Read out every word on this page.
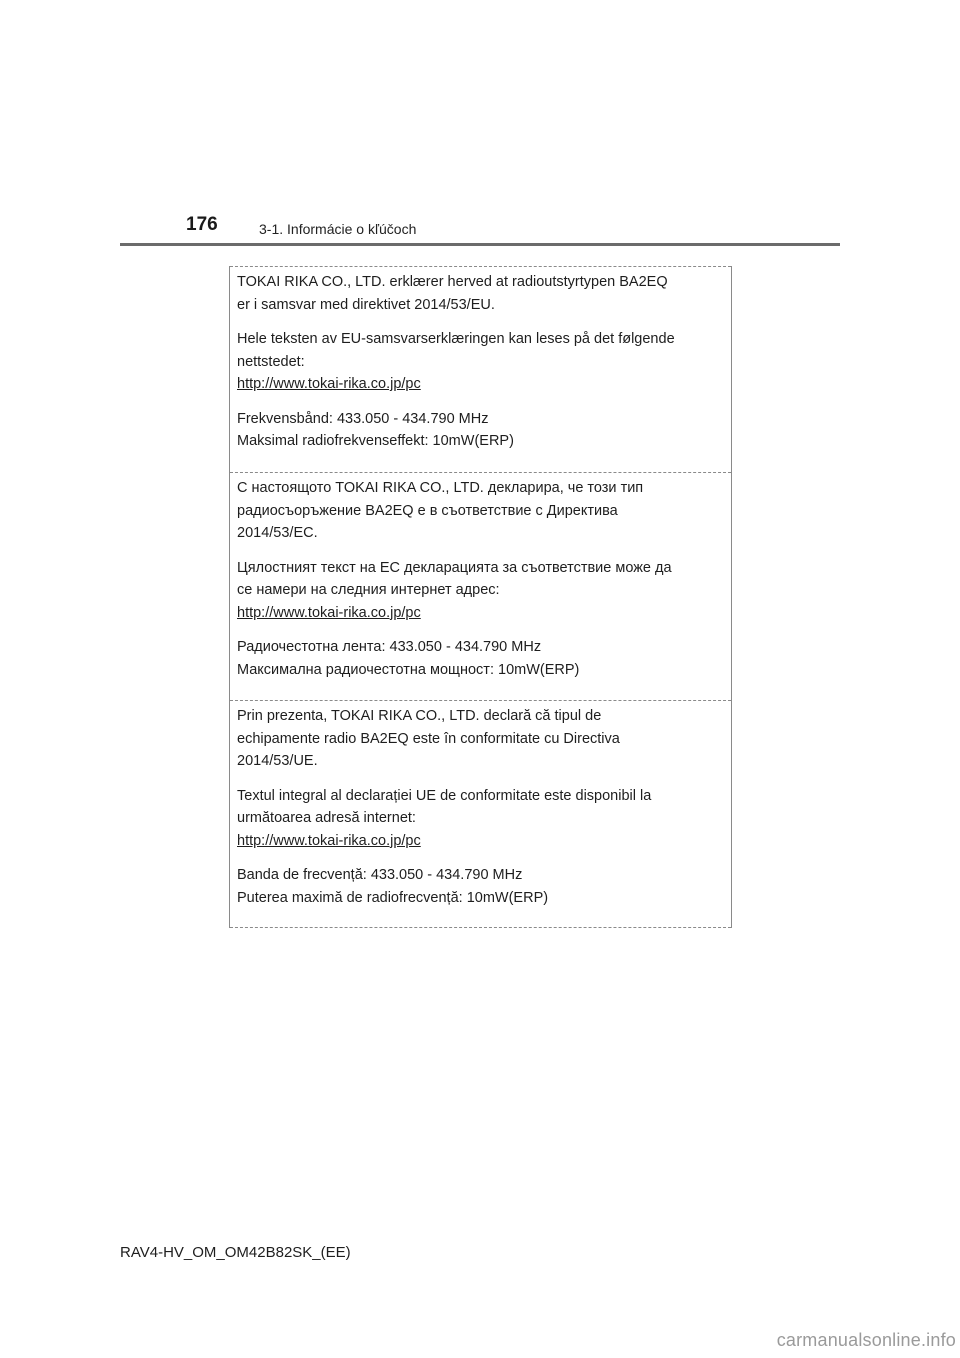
176	3-1. Informácie o kľúčoch

TOKAI RIKA CO., LTD. erklærer herved at radioutstyrtypen BA2EQ

er i samsvar med direktivet 2014/53/EU.

Hele teksten av EU-samsvarserklæringen kan leses på det følgende

nettstedet:

http://www.tokai-rika.co.jp/pc

Frekvensbånd: 433.050 - 434.790 MHz

Maksimal radiofrekvenseffekt: 10mW(ERP)

С настоящото TOKAI RIKA CO., LTD. декларира, че този тип

радиосъоръжение BA2EQ е в съответствие с Директива

2014/53/ЕС.

Цялостният текст на ЕС декларацията за съответствие може да

се намери на следния интернет адрес:

http://www.tokai-rika.co.jp/pc

Радиочестотна лента: 433.050 - 434.790 MHz

Максимална радиочестотна мощност: 10mW(ERP)

Prin prezenta, TOKAI RIKA CO., LTD. declară că tipul de

echipamente radio BA2EQ este în conformitate cu Directiva

2014/53/UE.

Textul integral al declarației UE de conformitate este disponibil la

următoarea adresă internet:

http://www.tokai-rika.co.jp/pc

Banda de frecvență: 433.050 - 434.790 MHz

Puterea maximă de radiofrecvență: 10mW(ERP)

RAV4-HV_OM_OM42B82SK_(EE)
carmanualsonline.info
